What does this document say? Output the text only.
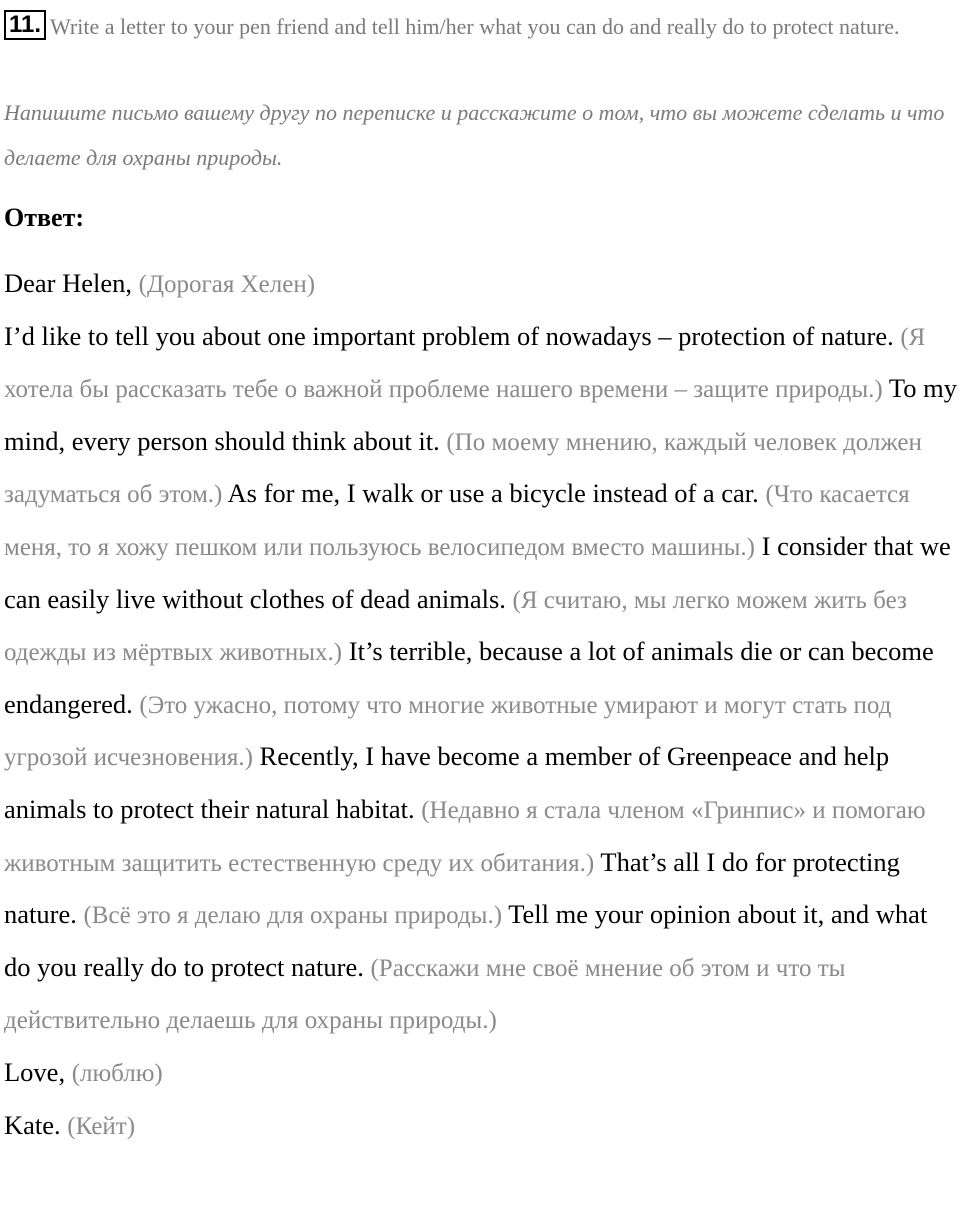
11. Write a letter to your pen friend and tell him/her what you can do and really do to protect nature.
Напишите письмо вашему другу по переписке и расскажите о том, что вы можете сделать и что делаете для охраны природы.
Ответ:

Dear Helen, (Дорогая Хелен)

I’d like to tell you about one important problem of nowadays – protection of nature. (Я хотела бы рассказать тебе о важной проблеме нашего времени – защите природы.) To my mind, every person should think about it. (По моему мнению, каждый человек должен задуматься об этом.) As for me, I walk or use a bicycle instead of a car. (Что касается меня, то я хожу пешком или пользуюсь велосипедом вместо машины.) I consider that we can easily live without clothes of dead animals. (Я считаю, мы легко можем жить без одежды из мёртвых животных.) It’s terrible, because a lot of animals die or can become endangered. (Это ужасно, потому что многие животные умирают и могут стать под угрозой исчезновения.) Recently, I have become a member of Greenpeace and help animals to protect their natural habitat. (Недавно я стала членом «Гринпис» и помогаю животным защитить естественную среду их обитания.) That’s all I do for protecting nature. (Всё это я делаю для охраны природы.) Tell me your opinion about it, and what do you really do to protect nature. (Расскажи мне своё мнение об этом и что ты действительно делаешь для охраны природы.)

Love, (люблю)

Kate. (Кейт)
